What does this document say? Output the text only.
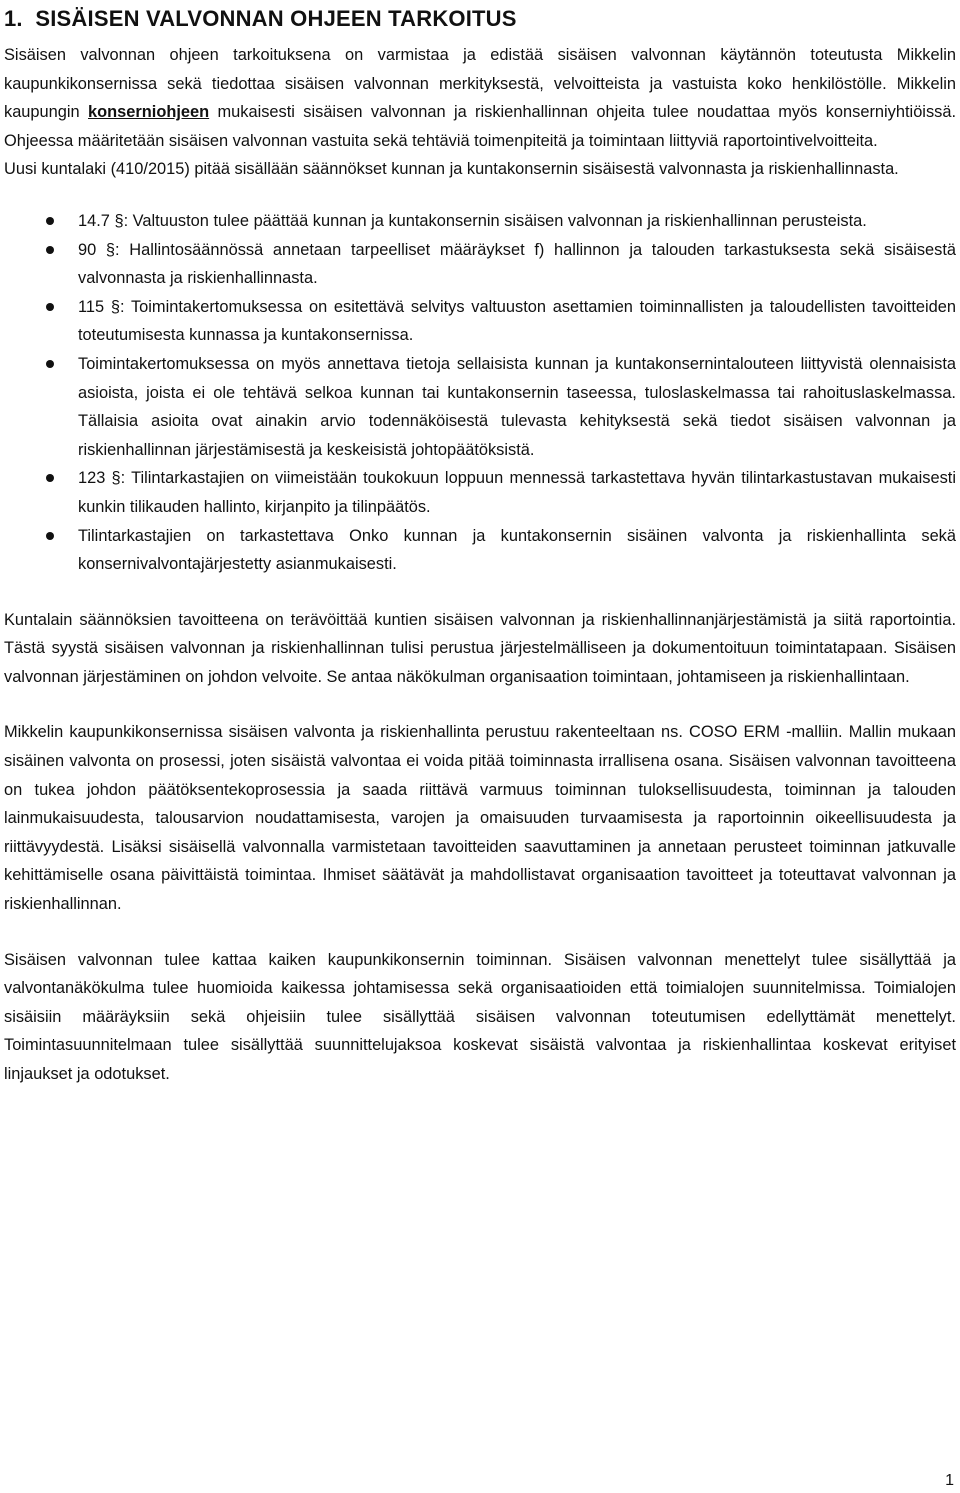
1.  SISÄISEN VALVONNAN OHJEEN TARKOITUS

Sisäisen valvonnan ohjeen tarkoituksena on varmistaa ja edistää sisäisen valvonnan käytännön toteutusta Mikkelin kaupunkikonsernissa sekä tiedottaa sisäisen valvonnan merkityksestä, velvoitteista ja vastuista koko henkilöstölle. Mikkelin kaupungin konserniohjeen mukaisesti sisäisen valvonnan ja riskienhallinnan ohjeita tulee noudattaa myös konserniyhtiöissä. Ohjeessa määritetään sisäisen valvonnan vastuita sekä tehtäviä toimenpiteitä ja toimintaan liittyviä raportointivelvoitteita.

Uusi kuntalaki (410/2015) pitää sisällään säännökset kunnan ja kuntakonsernin sisäisestä valvonnasta ja riskienhallinnasta.

14.7 §: Valtuuston tulee päättää kunnan ja kuntakonsernin sisäisen valvonnan ja riskienhallinnan perusteista.
90 §: Hallintosäännössä annetaan tarpeelliset määräykset f) hallinnon ja talouden tarkastuksesta sekä sisäisestä valvonnasta ja riskienhallinnasta.
115 §: Toimintakertomuksessa on esitettävä selvitys valtuuston asettamien toiminnallisten ja taloudellisten tavoitteiden toteutumisesta kunnassa ja kuntakonsernissa.
Toimintakertomuksessa on myös annettava tietoja sellaisista kunnan ja kuntakonsernintalouteen liittyvistä olennaisista asioista, joista ei ole tehtävä selkoa kunnan tai kuntakonsernin taseessa, tuloslaskelmassa tai rahoituslaskelmassa. Tällaisia asioita ovat ainakin arvio todennäköisestä tulevasta kehityksestä sekä tiedot sisäisen valvonnan ja riskienhallinnan järjestämisestä ja keskeisistä johtopäätöksistä.
123 §: Tilintarkastajien on viimeistään toukokuun loppuun mennessä tarkastettava hyvän tilintarkastustavan mukaisesti kunkin tilikauden hallinto, kirjanpito ja tilinpäätös.
Tilintarkastajien on tarkastettava Onko kunnan ja kuntakonsernin sisäinen valvonta ja riskienhallinta sekä konsernivalvontajärjestetty asianmukaisesti.

Kuntalain säännöksien tavoitteena on terävöittää kuntien sisäisen valvonnan ja riskienhallinnanjärjestämistä ja siitä raportointia. Tästä syystä sisäisen valvonnan ja riskienhallinnan tulisi perustua järjestelmälliseen ja dokumentoituun toimintatapaan. Sisäisen valvonnan järjestäminen on johdon velvoite. Se antaa näkökulman organisaation toimintaan, johtamiseen ja riskienhallintaan.

Mikkelin kaupunkikonsernissa sisäisen valvonta ja riskienhallinta perustuu rakenteeltaan ns. COSO ERM -malliin. Mallin mukaan sisäinen valvonta on prosessi, joten sisäistä valvontaa ei voida pitää toiminnasta irrallisena osana. Sisäisen valvonnan tavoitteena on tukea johdon päätöksentekoprosessia ja saada riittävä varmuus toiminnan tuloksellisuudesta, toiminnan ja talouden lainmukaisuudesta, talousarvion noudattamisesta, varojen ja omaisuuden turvaamisesta ja raportoinnin oikeellisuudesta ja riittävyydestä. Lisäksi sisäisellä valvonnalla varmistetaan tavoitteiden saavuttaminen ja annetaan perusteet toiminnan jatkuvalle kehittämiselle osana päivittäistä toimintaa. Ihmiset säätävät ja mahdollistavat organisaation tavoitteet ja toteuttavat valvonnan ja riskienhallinnan.

Sisäisen valvonnan tulee kattaa kaiken kaupunkikonsernin toiminnan. Sisäisen valvonnan menettelyt tulee sisällyttää ja valvontanäkökulma tulee huomioida kaikessa johtamisessa sekä organisaatioiden että toimialojen suunnitelmissa. Toimialojen sisäisiin määräyksiin sekä ohjeisiin tulee sisällyttää sisäisen valvonnan toteutumisen edellyttämät menettelyt. Toimintasuunnitelmaan tulee sisällyttää suunnittelujaksoa koskevat sisäistä valvontaa ja riskienhallintaa koskevat erityiset linjaukset ja odotukset.

1
